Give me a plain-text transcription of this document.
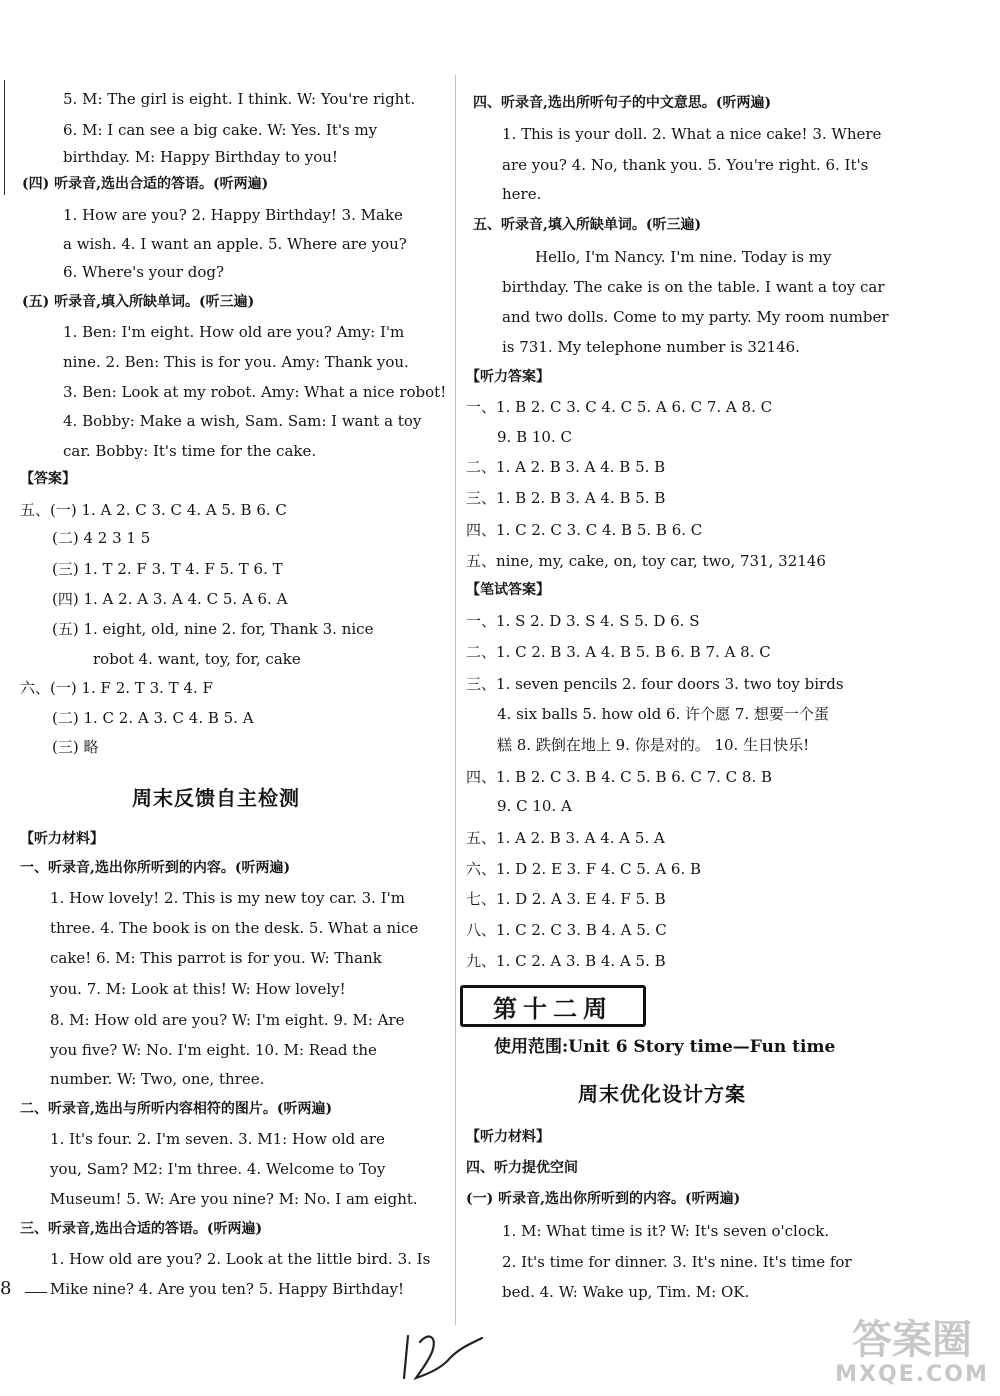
5. M: The girl is eight. I think. W: You're right.
6. M: I can see a big cake. W: Yes. It's my
birthday. M: Happy Birthday to you!
(四) 听录音,选出合适的答语。(听两遍)
1. How are you? 2. Happy Birthday! 3. Make
a wish. 4. I want an apple. 5. Where are you?
6. Where's your dog?
(五) 听录音,填入所缺单词。(听三遍)
1. Ben: I'm eight. How old are you? Amy: I'm
nine. 2. Ben: This is for you. Amy: Thank you.
3. Ben: Look at my robot. Amy: What a nice robot!
4. Bobby: Make a wish, Sam. Sam: I want a toy
car. Bobby: It's time for the cake.
【答案】
五、(一) 1. A 2. C 3. C 4. A 5. B 6. C
(二) 4 2 3 1 5
(三) 1. T 2. F 3. T 4. F 5. T 6. T
(四) 1. A 2. A 3. A 4. C 5. A 6. A
(五) 1. eight, old, nine 2. for, Thank 3. nice
robot 4. want, toy, for, cake
六、(一) 1. F 2. T 3. T 4. F
(二) 1. C 2. A 3. C 4. B 5. A
(三) 略
周末反馈自主检测
【听力材料】
一、听录音,选出你所听到的内容。(听两遍)
1. How lovely! 2. This is my new toy car. 3. I'm
three. 4. The book is on the desk. 5. What a nice
cake! 6. M: This parrot is for you. W: Thank
you. 7. M: Look at this! W: How lovely!
8. M: How old are you? W: I'm eight. 9. M: Are
you five? W: No. I'm eight. 10. M: Read the
number. W: Two, one, three.
二、听录音,选出与所听内容相符的图片。(听两遍)
1. It's four. 2. I'm seven. 3. M1: How old are
you, Sam? M2: I'm three. 4. Welcome to Toy
Museum! 5. W: Are you nine? M: No. I am eight.
三、听录音,选出合适的答语。(听两遍)
1. How old are you? 2. Look at the little bird. 3. Is
Mike nine? 4. Are you ten? 5. Happy Birthday!
四、听录音,选出所听句子的中文意思。(听两遍)
1. This is your doll. 2. What a nice cake! 3. Where
are you? 4. No, thank you. 5. You're right. 6. It's
here.
五、听录音,填入所缺单词。(听三遍)
Hello, I'm Nancy. I'm nine. Today is my
birthday. The cake is on the table. I want a toy car
and two dolls. Come to my party. My room number
is 731. My telephone number is 32146.
【听力答案】
一、1. B 2. C 3. C 4. C 5. A 6. C 7. A 8. C
9. B 10. C
二、1. A 2. B 3. A 4. B 5. B
三、1. B 2. B 3. A 4. B 5. B
四、1. C 2. C 3. C 4. B 5. B 6. C
五、nine, my, cake, on, toy car, two, 731, 32146
【笔试答案】
一、1. S 2. D 3. S 4. S 5. D 6. S
二、1. C 2. B 3. A 4. B 5. B 6. B 7. A 8. C
三、1. seven pencils 2. four doors 3. two toy birds
4. six balls 5. how old 6. 许个愿 7. 想要一个蛋
糕 8. 跌倒在地上 9. 你是对的。 10. 生日快乐!
四、1. B 2. C 3. B 4. C 5. B 6. C 7. C 8. B
9. C 10. A
五、1. A 2. B 3. A 4. A 5. A
六、1. D 2. E 3. F 4. C 5. A 6. B
七、1. D 2. A 3. E 4. F 5. B
八、1. C 2. C 3. B 4. A 5. C
九、1. C 2. A 3. B 4. A 5. B
第十二周
使用范围:Unit 6 Story time—Fun time
周末优化设计方案
【听力材料】
四、听力提优空间
(一) 听录音,选出你所听到的内容。(听两遍)
1. M: What time is it? W: It's seven o'clock.
2. It's time for dinner. 3. It's nine. It's time for
bed. 4. W: Wake up, Tim. M: OK.
8
答案圈
MXQE.COM
